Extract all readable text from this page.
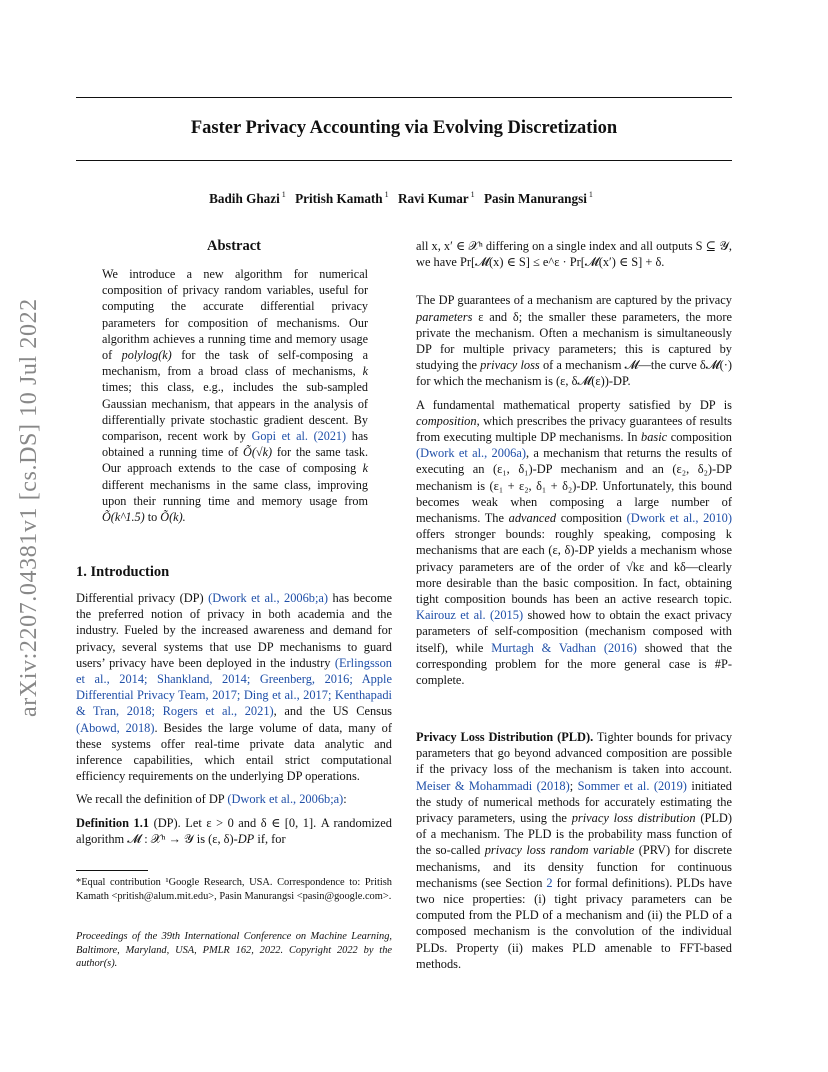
Faster Privacy Accounting via Evolving Discretization
Badih Ghazi $^1$ Pritish Kamath $^1$ Ravi Kumar $^1$ Pasin Manurangsi $^1$
arXiv:2207.04381v1 [cs.DS] 10 Jul 2022
Abstract
We introduce a new algorithm for numerical composition of privacy random variables, useful for computing the accurate differential privacy parameters for composition of mechanisms. Our algorithm achieves a running time and memory usage of polylog(k) for the task of self-composing a mechanism, from a broad class of mechanisms, k times; this class, e.g., includes the sub-sampled Gaussian mechanism, that appears in the analysis of differentially private stochastic gradient descent. By comparison, recent work by Gopi et al. (2021) has obtained a running time of Õ(√k) for the same task. Our approach extends to the case of composing k different mechanisms in the same class, improving upon their running time and memory usage from Õ(k^1.5) to Õ(k).
1. Introduction

Differential privacy (DP) (Dwork et al., 2006b;a) has become the preferred notion of privacy in both academia and the industry. Fueled by the increased awareness and demand for privacy, several systems that use DP mechanisms to guard users’ privacy have been deployed in the industry (Erlingsson et al., 2014; Shankland, 2014; Greenberg, 2016; Apple Differential Privacy Team, 2017; Ding et al., 2017; Kenthapadi & Tran, 2018; Rogers et al., 2021), and the US Census (Abowd, 2018). Besides the large volume of data, many of these systems offer real-time private data analytic and inference capabilities, which entail strict computational efficiency requirements on the underlying DP operations.

We recall the definition of DP (Dwork et al., 2006b;a):

Definition 1.1 (DP). Let ε > 0 and δ ∈ [0, 1]. A randomized algorithm 𝓜 : 𝒳ⁿ → 𝒴 is (ε, δ)-DP if, for

*Equal contribution ¹Google Research, USA. Correspondence to: Pritish Kamath <pritish@alum.mit.edu>, Pasin Manurangsi <pasin@google.com>.
Proceedings of the 39th International Conference on Machine Learning, Baltimore, Maryland, USA, PMLR 162, 2022. Copyright 2022 by the author(s).

all x, x′ ∈ 𝒳ⁿ differing on a single index and all outputs S ⊆ 𝒴, we have Pr[𝓜(x) ∈ S] ≤ e^ε · Pr[𝓜(x′) ∈ S] + δ.

The DP guarantees of a mechanism are captured by the privacy parameters ε and δ; the smaller these parameters, the more private the mechanism. Often a mechanism is simultaneously DP for multiple privacy parameters; this is captured by studying the privacy loss of a mechanism 𝓜—the curve δ𝓜(·) for which the mechanism is (ε, δ𝓜(ε))-DP.

A fundamental mathematical property satisfied by DP is composition, which prescribes the privacy guarantees of results from executing multiple DP mechanisms. In basic composition (Dwork et al., 2006a), a mechanism that returns the results of executing an (ε₁, δ₁)-DP mechanism and an (ε₂, δ₂)-DP mechanism is (ε₁ + ε₂, δ₁ + δ₂)-DP. Unfortunately, this bound becomes weak when composing a large number of mechanisms. The advanced composition (Dwork et al., 2010) offers stronger bounds: roughly speaking, composing k mechanisms that are each (ε, δ)-DP yields a mechanism whose privacy parameters are of the order of √kε and kδ—clearly more desirable than the basic composition. In fact, obtaining tight composition bounds has been an active research topic. Kairouz et al. (2015) showed how to obtain the exact privacy parameters of self-composition (mechanism composed with itself), while Murtagh & Vadhan (2016) showed that the corresponding problem for the more general case is #P-complete.

Privacy Loss Distribution (PLD). Tighter bounds for privacy parameters that go beyond advanced composition are possible if the privacy loss of the mechanism is taken into account. Meiser & Mohammadi (2018); Sommer et al. (2019) initiated the study of numerical methods for accurately estimating the privacy parameters, using the privacy loss distribution (PLD) of a mechanism. The PLD is the probability mass function of the so-called privacy loss random variable (PRV) for discrete mechanisms, and its density function for continuous mechanisms (see Section 2 for formal definitions). PLDs have two nice properties: (i) tight privacy parameters can be computed from the PLD of a mechanism and (ii) the PLD of a composed mechanism is the convolution of the individual PLDs. Property (ii) makes PLD amenable to FFT-based methods.
